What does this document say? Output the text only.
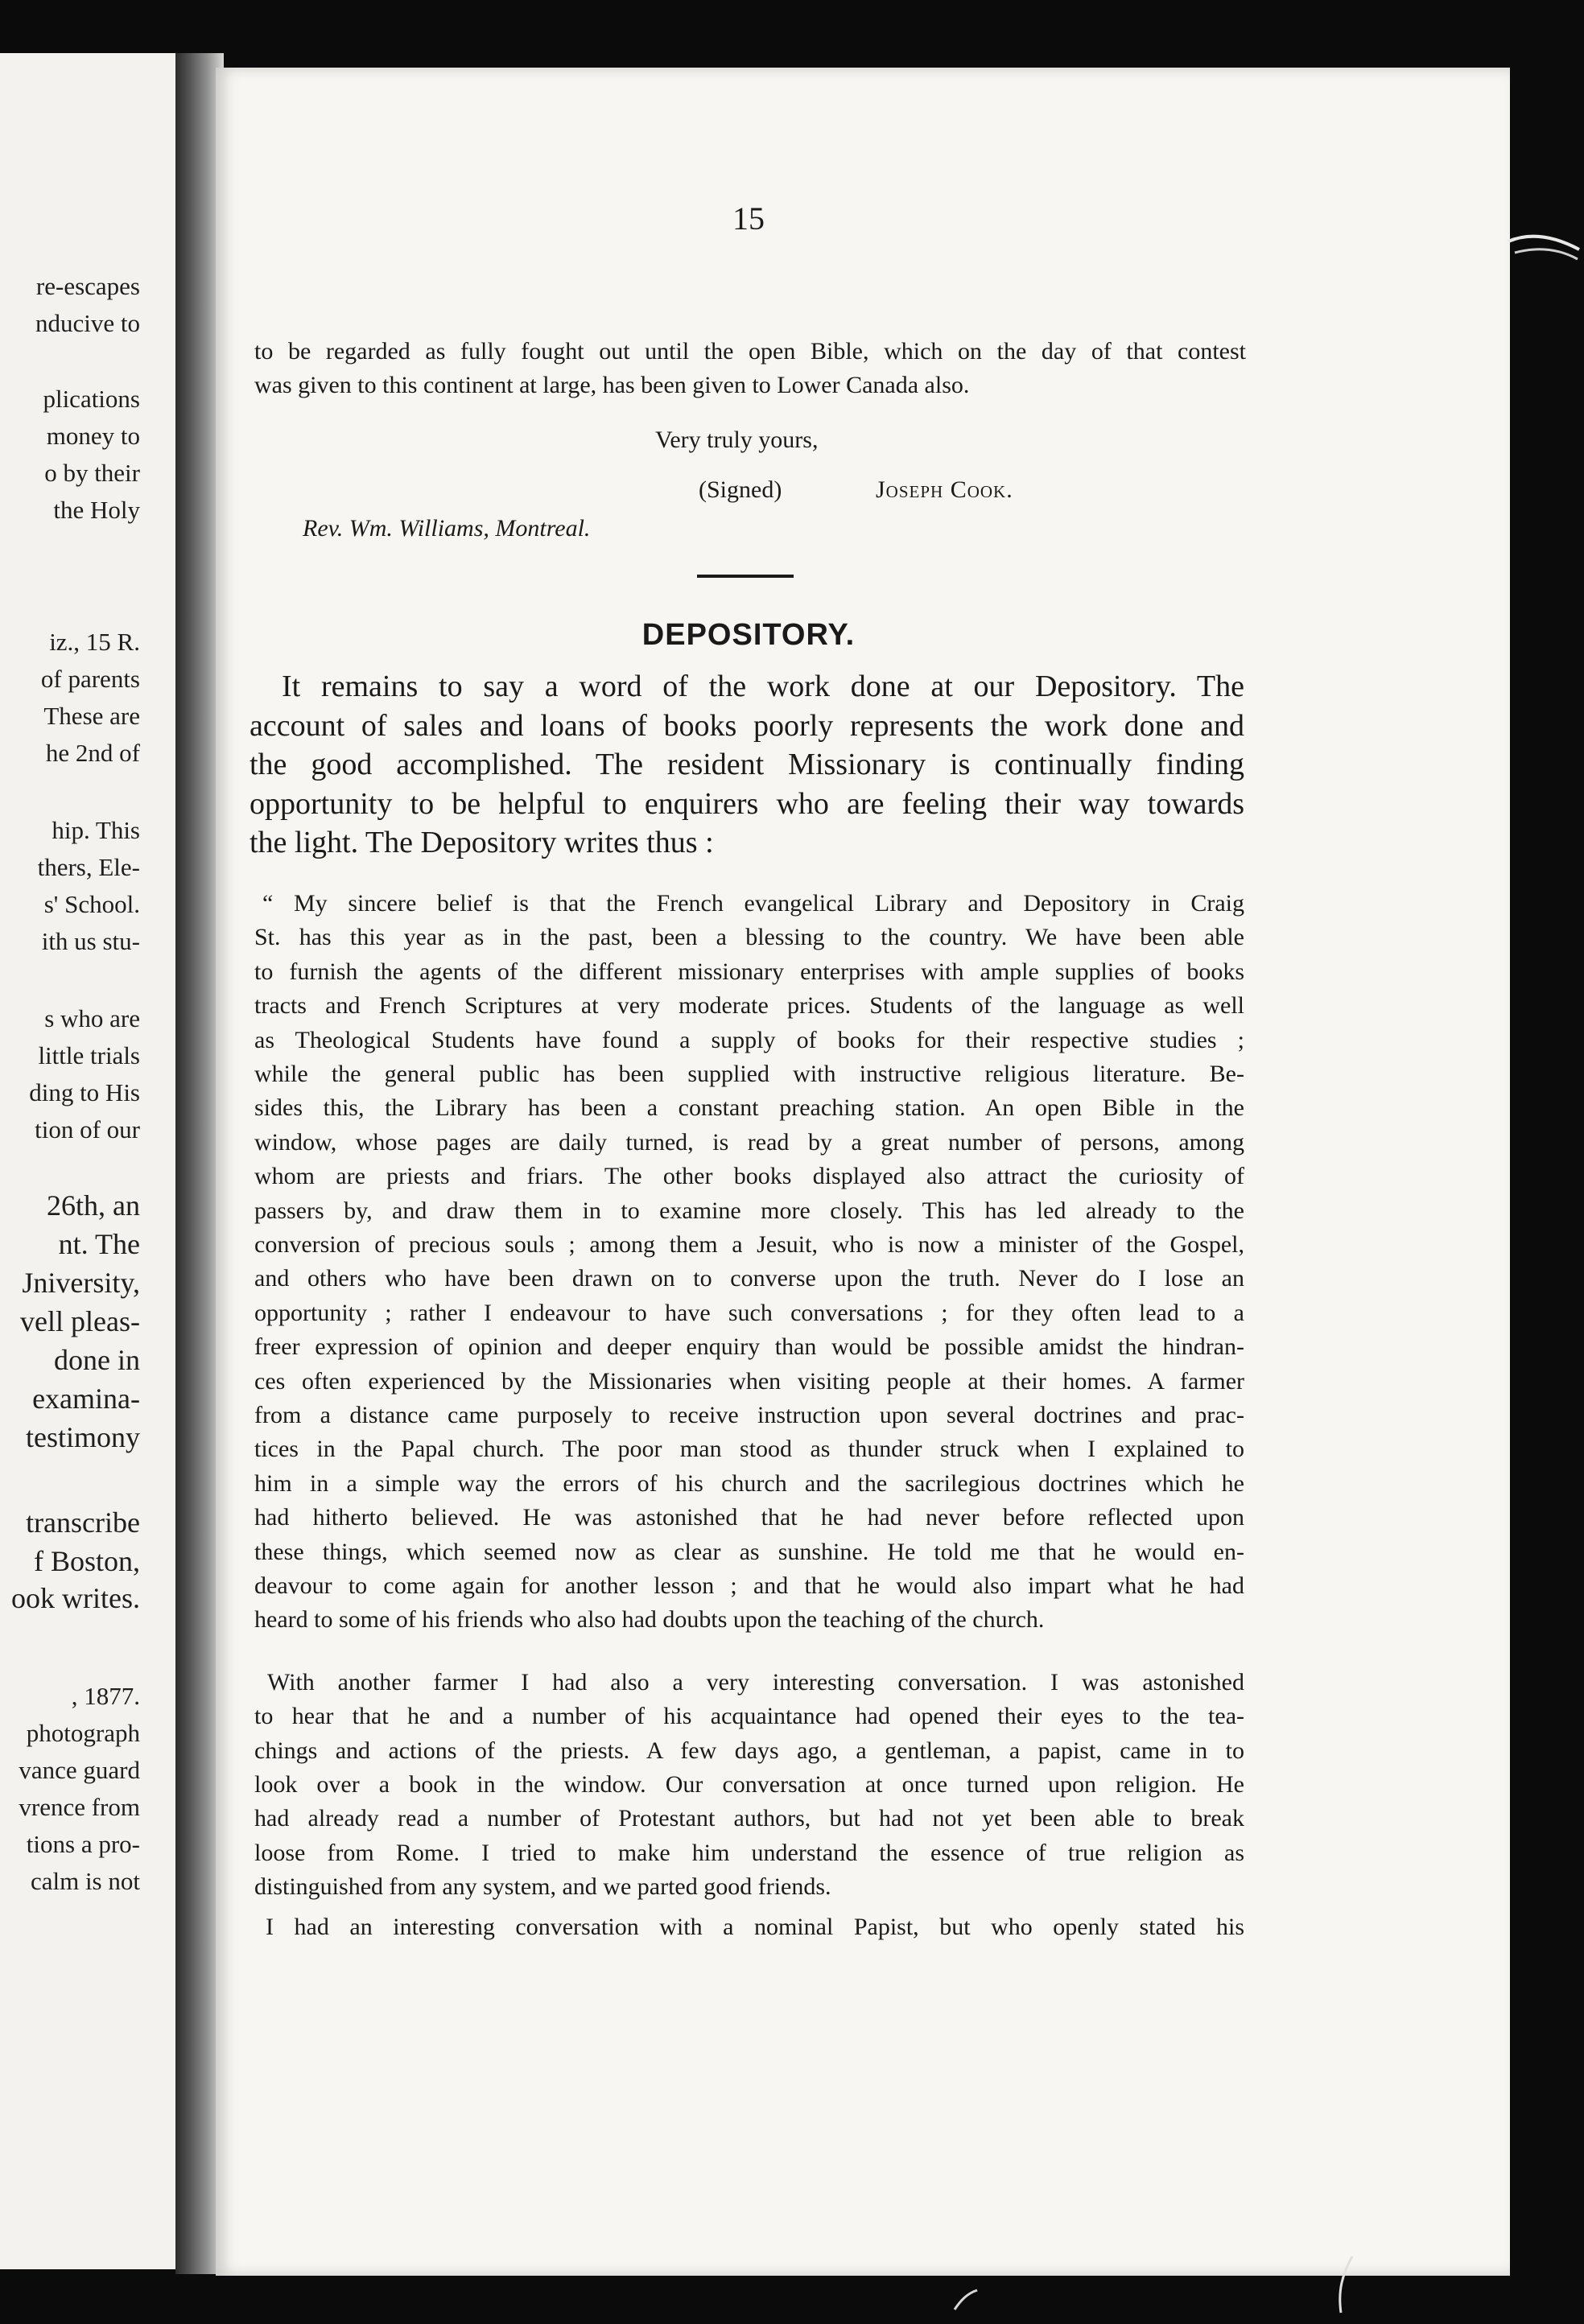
re-escapes
nducive to
plications
money to
o by their
the Holy
iz., 15 R.
of parents
These are
he 2nd of
hip. This
thers, Ele-
s' School.
ith us stu-
s who are
little trials
ding to His
tion of our
26th, an
nt. The
Jniversity,
vell pleas-
done in
examina-
testimony
transcribe
f Boston,
ook writes.
, 1877.
photograph
vance guard
vrence from
tions a pro-
calm is not
15
to be regarded as fully fought out until the open Bible, which on the day of that contest
was given to this continent at large, has been given to Lower Canada also.
Very truly yours,
(Signed)	Joseph Cook.
Rev. Wm. Williams, Montreal.
DEPOSITORY.
It remains to say a word of the work done at our Depository. The
account of sales and loans of books poorly represents the work done and
the good accomplished. The resident Missionary is continually finding
opportunity to be helpful to enquirers who are feeling their way towards
the light. The Depository writes thus :
“ My sincere belief is that the French evangelical Library and Depository in Craig
St. has this year as in the past, been a blessing to the country. We have been able
to furnish the agents of the different missionary enterprises with ample supplies of books
tracts and French Scriptures at very moderate prices. Students of the language as well
as Theological Students have found a supply of books for their respective studies ;
while the general public has been supplied with instructive religious literature. Be-
sides this, the Library has been a constant preaching station. An open Bible in the
window, whose pages are daily turned, is read by a great number of persons, among
whom are priests and friars. The other books displayed also attract the curiosity of
passers by, and draw them in to examine more closely. This has led already to the
conversion of precious souls ; among them a Jesuit, who is now a minister of the Gospel,
and others who have been drawn on to converse upon the truth. Never do I lose an
opportunity ; rather I endeavour to have such conversations ; for they often lead to a
freer expression of opinion and deeper enquiry than would be possible amidst the hindran-
ces often experienced by the Missionaries when visiting people at their homes. A farmer
from a distance came purposely to receive instruction upon several doctrines and prac-
tices in the Papal church. The poor man stood as thunder struck when I explained to
him in a simple way the errors of his church and the sacrilegious doctrines which he
had hitherto believed. He was astonished that he had never before reflected upon
these things, which seemed now as clear as sunshine. He told me that he would en-
deavour to come again for another lesson ; and that he would also impart what he had
heard to some of his friends who also had doubts upon the teaching of the church.
With another farmer I had also a very interesting conversation. I was astonished
to hear that he and a number of his acquaintance had opened their eyes to the tea-
chings and actions of the priests. A few days ago, a gentleman, a papist, came in to
look over a book in the window. Our conversation at once turned upon religion. He
had already read a number of Protestant authors, but had not yet been able to break
loose from Rome. I tried to make him understand the essence of true religion as
distinguished from any system, and we parted good friends.
I had an interesting conversation with a nominal Papist, but who openly stated his
